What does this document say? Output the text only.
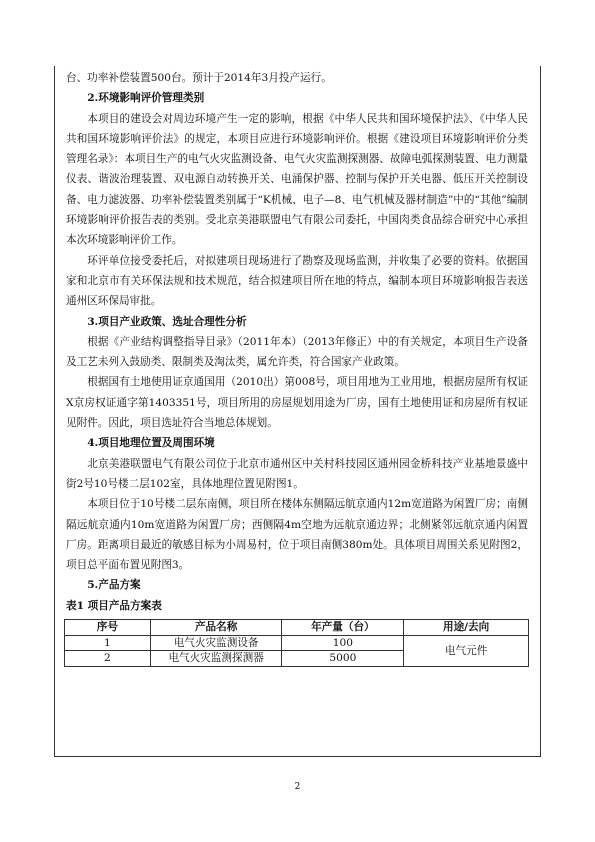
台、功率补偿装置500台。预计于2014年3月投产运行。

2.环境影响评价管理类别

本项目的建设会对周边环境产生一定的影响，根据《中华人民共和国环境保护法》、《中华人民共和国环境影响评价法》的规定，本项目应进行环境影响评价。根据《建设项目环境影响评价分类管理名录》：本项目生产的电气火灾监测设备、电气火灾监测探测器、故障电弧探测装置、电力测量仪表、谐波治理装置、双电源自动转换开关、电涌保护器、控制与保护开关电器、低压开关控制设备、电力滤波器、功率补偿装置类别属于“K机械、电子—8、电气机械及器材制造”中的“其他”编制环境影响评价报告表的类别。受北京美港联盟电气有限公司委托，中国肉类食品综合研究中心承担本次环境影响评价工作。

环评单位接受委托后，对拟建项目现场进行了勘察及现场监测，并收集了必要的资料。依据国家和北京市有关环保法规和技术规范，结合拟建项目所在地的特点，编制本项目环境影响报告表送通州区环保局审批。

3.项目产业政策、选址合理性分析

根据《产业结构调整指导目录》（2011年本）（2013年修正）中的有关规定，本项目生产设备及工艺未列入鼓励类、限制类及淘汰类，属允许类，符合国家产业政策。

根据国有土地使用证京通国用（2010出）第008号，项目用地为工业用地，根据房屋所有权证X京房权证通字第1403351号，项目所用的房屋规划用途为厂房，国有土地使用证和房屋所有权证见附件。因此，项目选址符合当地总体规划。

4.项目地理位置及周围环境

北京美港联盟电气有限公司位于北京市通州区中关村科技园区通州园金桥科技产业基地景盛中街2号10号楼二层102室，具体地理位置见附图1。

本项目位于10号楼二层东南侧，项目所在楼体东侧隔远航京通内12m宽道路为闲置厂房；南侧隔远航京通内10m宽道路为闲置厂房；西侧隔4m空地为远航京通边界；北侧紧邻远航京通内闲置厂房。距离项目最近的敏感目标为小周易村，位于项目南侧380m处。具体项目周围关系见附图2，项目总平面布置见附图3。

5.产品方案

表1 项目产品方案表

序号	产品名称	年产量（台）	用途/去向
1	电气火灾监测设备	100	电气元件
2	电气火灾监测探测器	5000	
2
